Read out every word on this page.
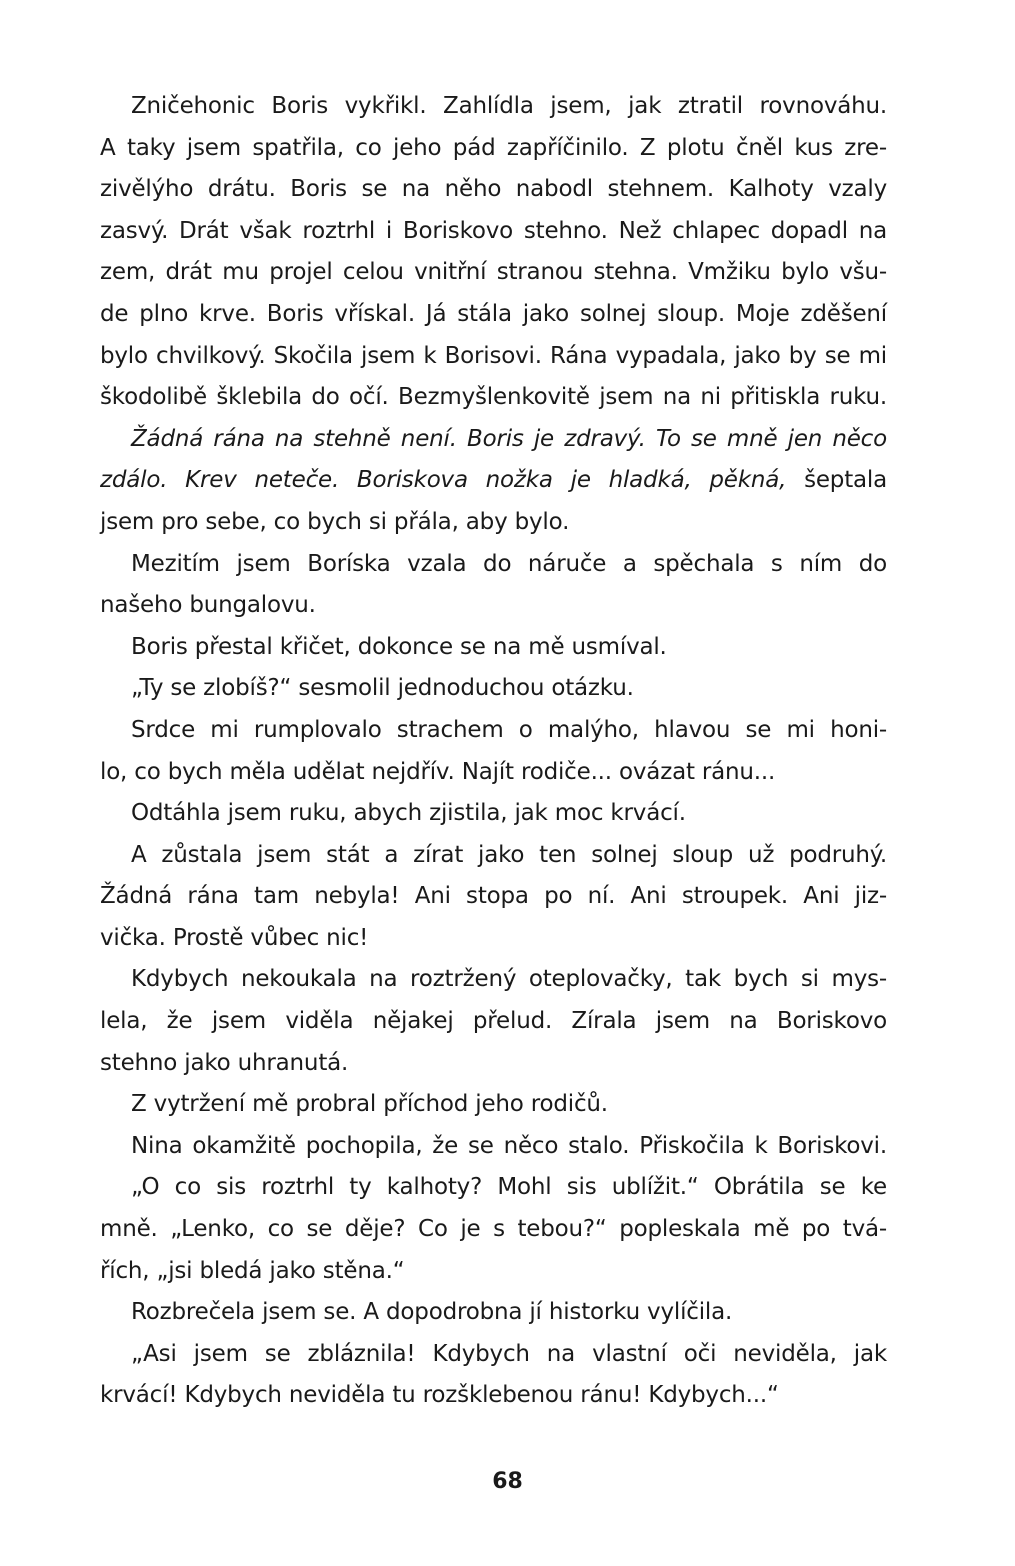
Zničehonic Boris vykřikl. Zahlídla jsem, jak ztratil rovnováhu.
A taky jsem spatřila, co jeho pád zapříčinilo. Z plotu čněl kus zre-
zivělýho drátu. Boris se na něho nabodl stehnem. Kalhoty vzaly
zasvý. Drát však roztrhl i Boriskovo stehno. Než chlapec dopadl na
zem, drát mu projel celou vnitřní stranou stehna. Vmžiku bylo všu-
de plno krve. Boris vřískal. Já stála jako solnej sloup. Moje zděšení
bylo chvilkový. Skočila jsem k Borisovi. Rána vypadala, jako by se mi
škodolibě šklebila do očí. Bezmyšlenkovitě jsem na ni přitiskla ruku.
Žádná rána na stehně není. Boris je zdravý. To se mně jen něco
zdálo. Krev neteče. Boriskova nožka je hladká, pěkná, šeptala
jsem pro sebe, co bych si přála, aby bylo.
Mezitím jsem Boríska vzala do náruče a spěchala s ním do
našeho bungalovu.
Boris přestal křičet, dokonce se na mě usmíval.
„Ty se zlobíš?“ sesmolil jednoduchou otázku.
Srdce mi rumplovalo strachem o malýho, hlavou se mi honi-
lo, co bych měla udělat nejdřív. Najít rodiče... ovázat ránu...
Odtáhla jsem ruku, abych zjistila, jak moc krvácí.
A zůstala jsem stát a zírat jako ten solnej sloup už podruhý.
Žádná rána tam nebyla! Ani stopa po ní. Ani stroupek. Ani jiz-
vička. Prostě vůbec nic!
Kdybych nekoukala na roztržený oteplovačky, tak bych si mys-
lela, že jsem viděla nějakej přelud. Zírala jsem na Boriskovo
stehno jako uhranutá.
Z vytržení mě probral příchod jeho rodičů.
Nina okamžitě pochopila, že se něco stalo. Přiskočila k Boriskovi.
„O co sis roztrhl ty kalhoty? Mohl sis ublížit.“ Obrátila se ke
mně. „Lenko, co se děje? Co je s tebou?“ popleskala mě po tvá-
řích, „jsi bledá jako stěna.“
Rozbrečela jsem se. A dopodrobna jí historku vylíčila.
„Asi jsem se zbláznila! Kdybych na vlastní oči neviděla, jak
krvácí! Kdybych neviděla tu rozšklebenou ránu! Kdybych...“
68
